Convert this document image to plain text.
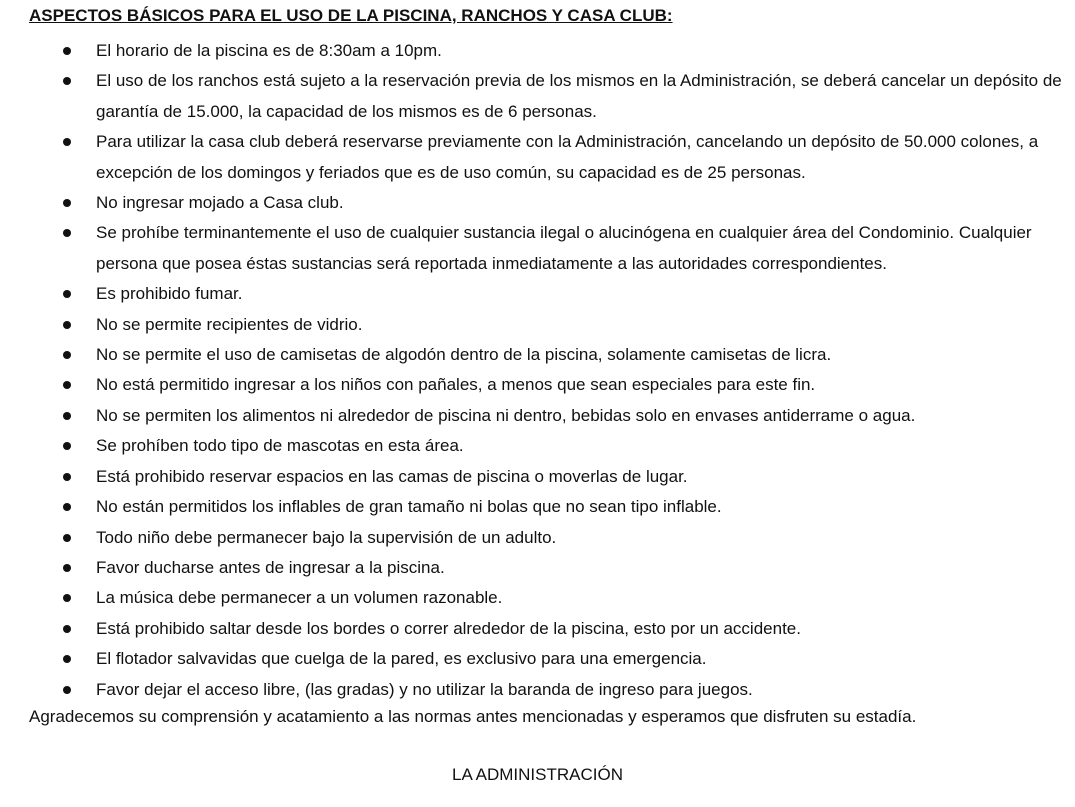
ASPECTOS BÁSICOS PARA EL USO DE LA PISCINA, RANCHOS Y CASA CLUB:
El horario de la piscina es de 8:30am a 10pm.
El uso de los ranchos está sujeto a la reservación previa de los mismos en la Administración, se deberá cancelar un depósito de garantía de 15.000, la capacidad de los mismos es de 6 personas.
Para utilizar la casa club deberá reservarse previamente con la Administración, cancelando un depósito de 50.000 colones, a excepción de los domingos y feriados que es de uso común, su capacidad es de 25 personas.
No ingresar mojado a Casa club.
Se prohíbe terminantemente el uso de cualquier sustancia ilegal o alucinógena en cualquier área del Condominio. Cualquier persona que posea éstas sustancias será reportada inmediatamente a las autoridades correspondientes.
Es prohibido fumar.
No se permite recipientes de vidrio.
No se permite el uso de camisetas de algodón dentro de la piscina, solamente camisetas de licra.
No está permitido ingresar a los niños con pañales, a menos que sean especiales para este fin.
No se permiten los alimentos ni alrededor de piscina ni dentro, bebidas solo en envases antiderrame o agua.
Se prohíben todo tipo de mascotas en esta área.
Está prohibido reservar espacios en las camas de piscina o moverlas de lugar.
No están permitidos los inflables de gran tamaño ni bolas que no sean tipo inflable.
Todo niño debe permanecer bajo la supervisión de un adulto.
Favor ducharse antes de ingresar a la piscina.
La música debe permanecer a un volumen razonable.
Está prohibido saltar desde los bordes o correr alrededor de la piscina, esto por un accidente.
El flotador salvavidas que cuelga de la pared, es exclusivo para una emergencia.
Favor dejar el acceso libre, (las gradas) y no utilizar la baranda de ingreso para juegos.
Agradecemos su comprensión y acatamiento a las normas antes mencionadas y esperamos que disfruten su estadía.
LA ADMINISTRACIÓN
